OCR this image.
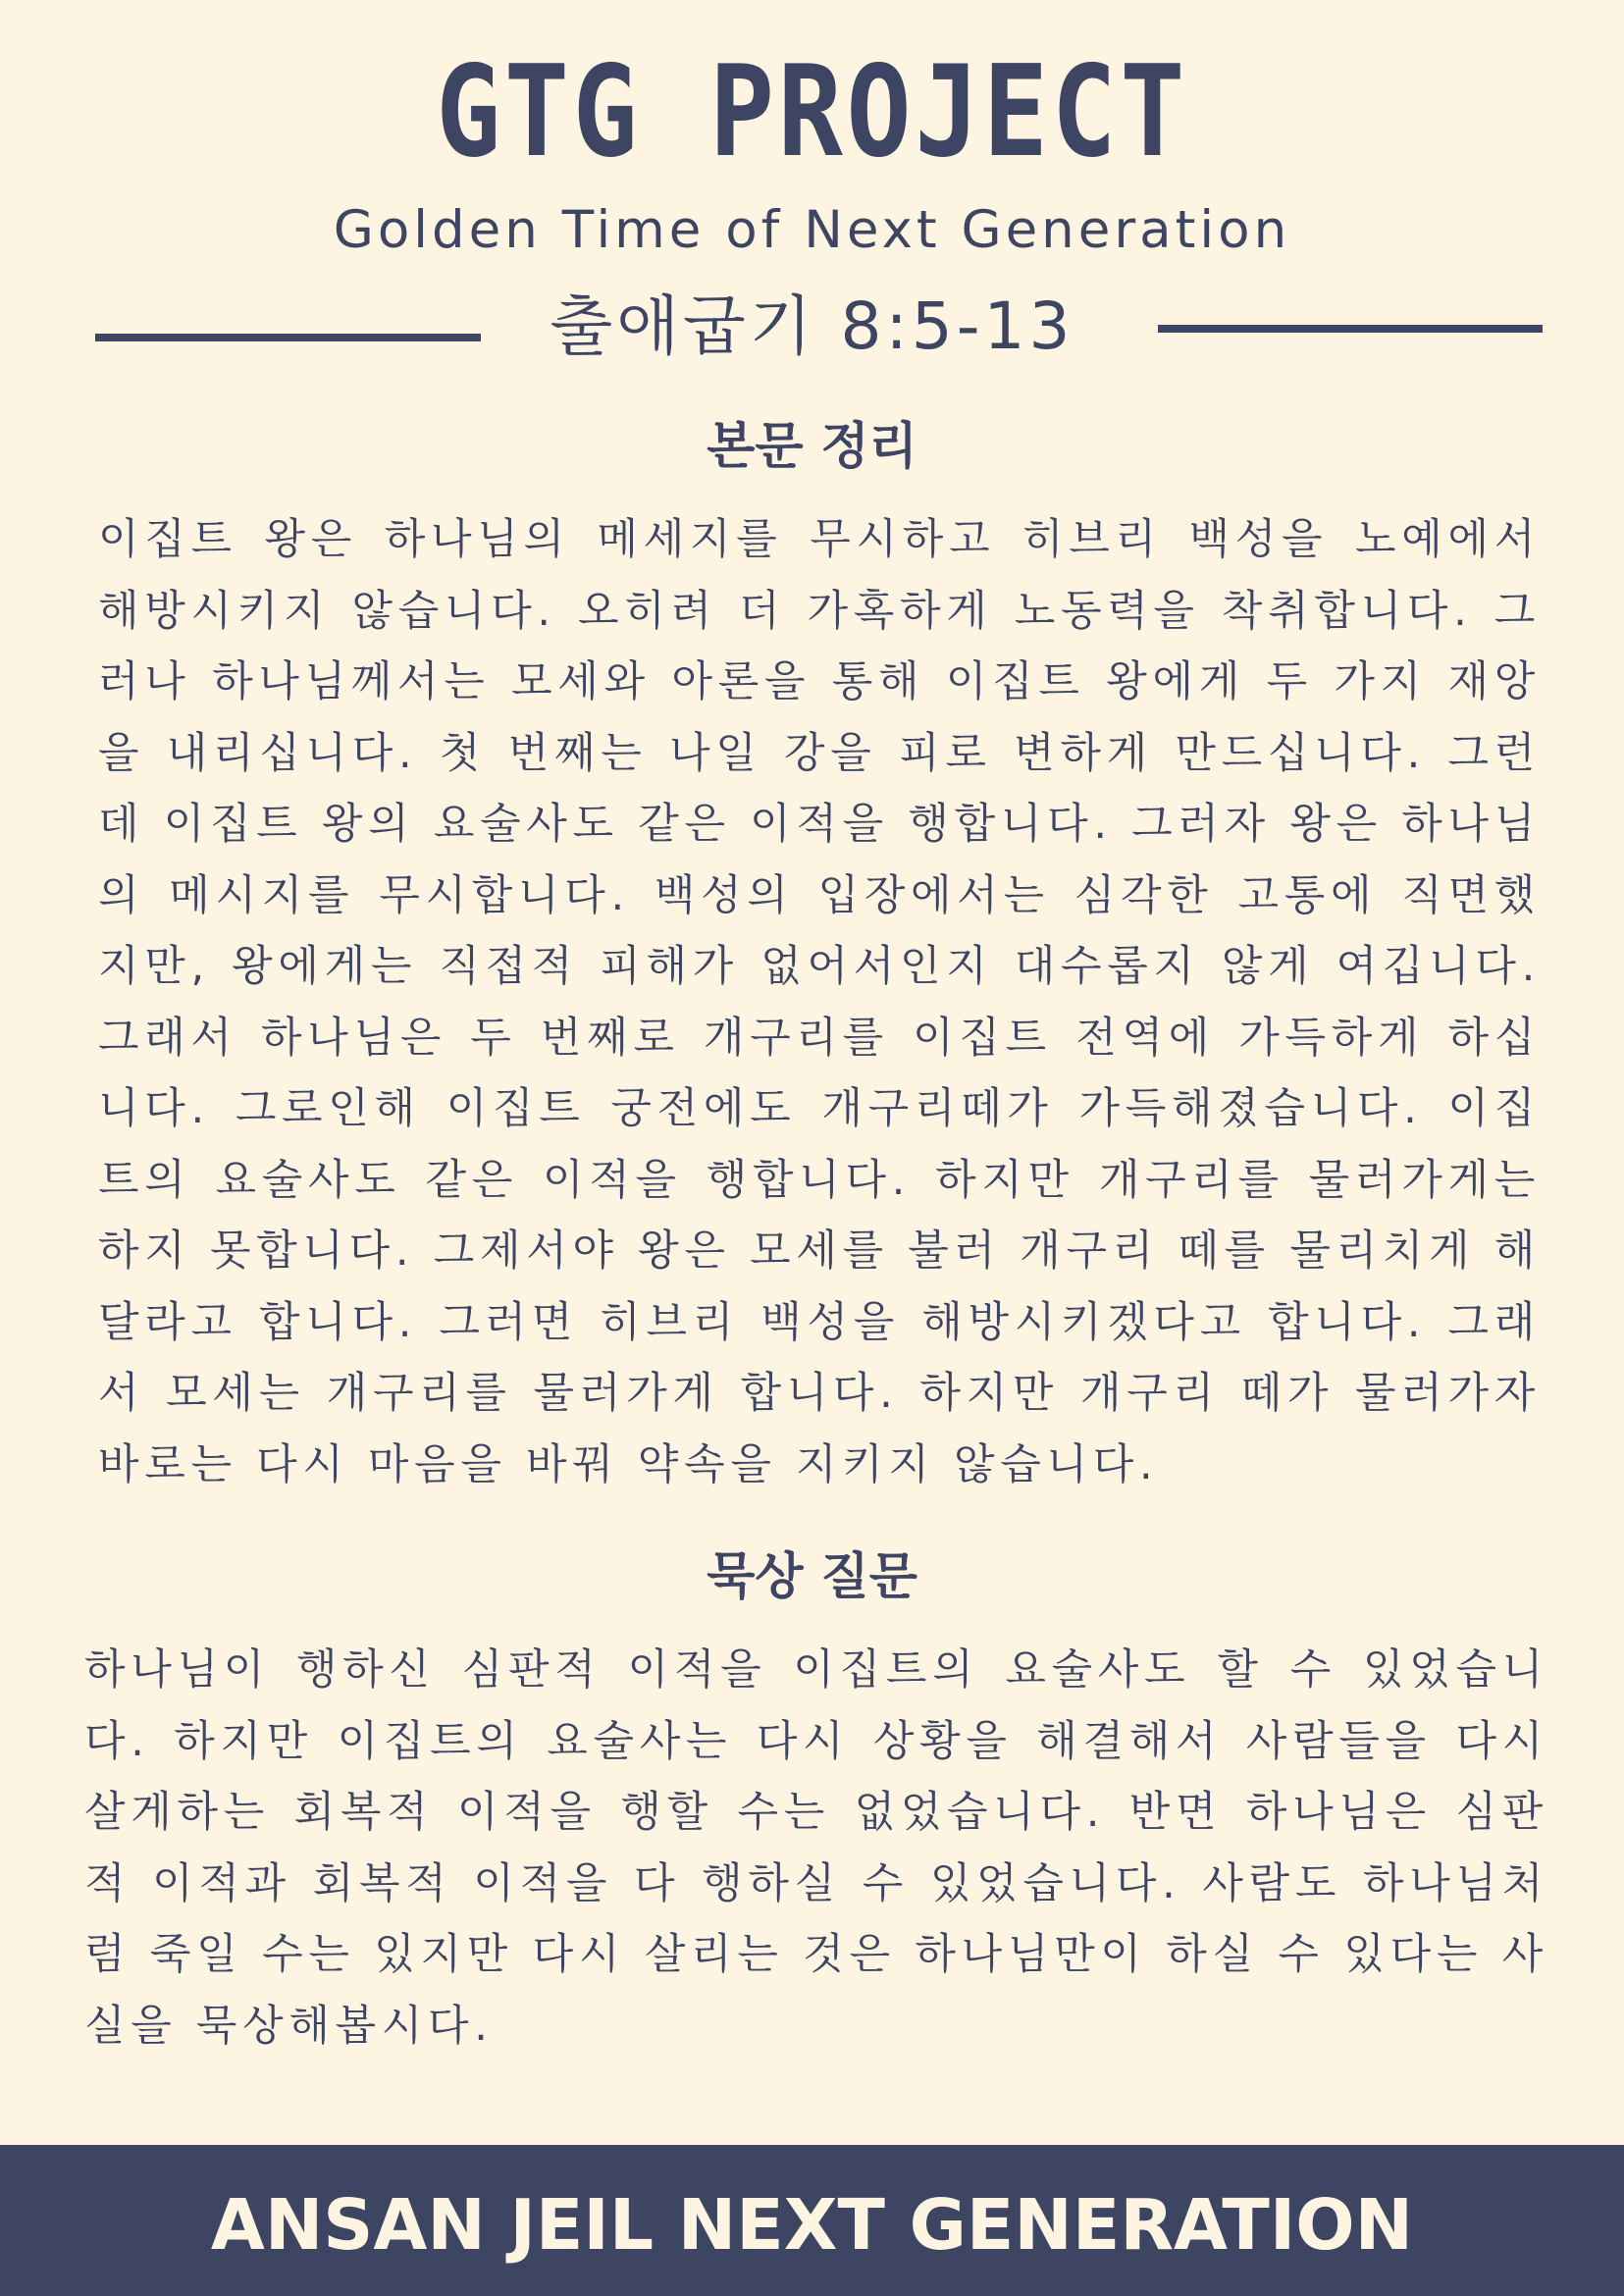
GTG PROJECT
Golden Time of Next Generation
출애굽기 8:5-13
본문 정리

이집트 왕은 하나님의 메세지를 무시하고 히브리 백성을 노예에서 해방시키지 않습니다. 오히려 더 가혹하게 노동력을 착취합니다. 그러나 하나님께서는 모세와 아론을 통해 이집트 왕에게 두 가지 재앙을 내리십니다. 첫 번째는 나일 강을 피로 변하게 만드십니다. 그런데 이집트 왕의 요술사도 같은 이적을 행합니다. 그러자 왕은 하나님의 메시지를 무시합니다. 백성의 입장에서는 심각한 고통에 직면했지만, 왕에게는 직접적 피해가 없어서인지 대수롭지 않게 여깁니다. 그래서 하나님은 두 번째로 개구리를 이집트 전역에 가득하게 하십니다. 그로인해 이집트 궁전에도 개구리떼가 가득해졌습니다. 이집트의 요술사도 같은 이적을 행합니다. 하지만 개구리를 물러가게는 하지 못합니다. 그제서야 왕은 모세를 불러 개구리 떼를 물리치게 해달라고 합니다. 그러면 히브리 백성을 해방시키겠다고 합니다. 그래서 모세는 개구리를 물러가게 합니다. 하지만 개구리 떼가 물러가자 바로는 다시 마음을 바꿔 약속을 지키지 않습니다.

묵상 질문

하나님이 행하신 심판적 이적을 이집트의 요술사도 할 수 있었습니다. 하지만 이집트의 요술사는 다시 상황을 해결해서 사람들을 다시 살게하는 회복적 이적을 행할 수는 없었습니다. 반면 하나님은 심판적 이적과 회복적 이적을 다 행하실 수 있었습니다. 사람도 하나님처럼 죽일 수는 있지만 다시 살리는 것은 하나님만이 하실 수 있다는 사실을 묵상해봅시다.

ANSAN JEIL NEXT GENERATION
